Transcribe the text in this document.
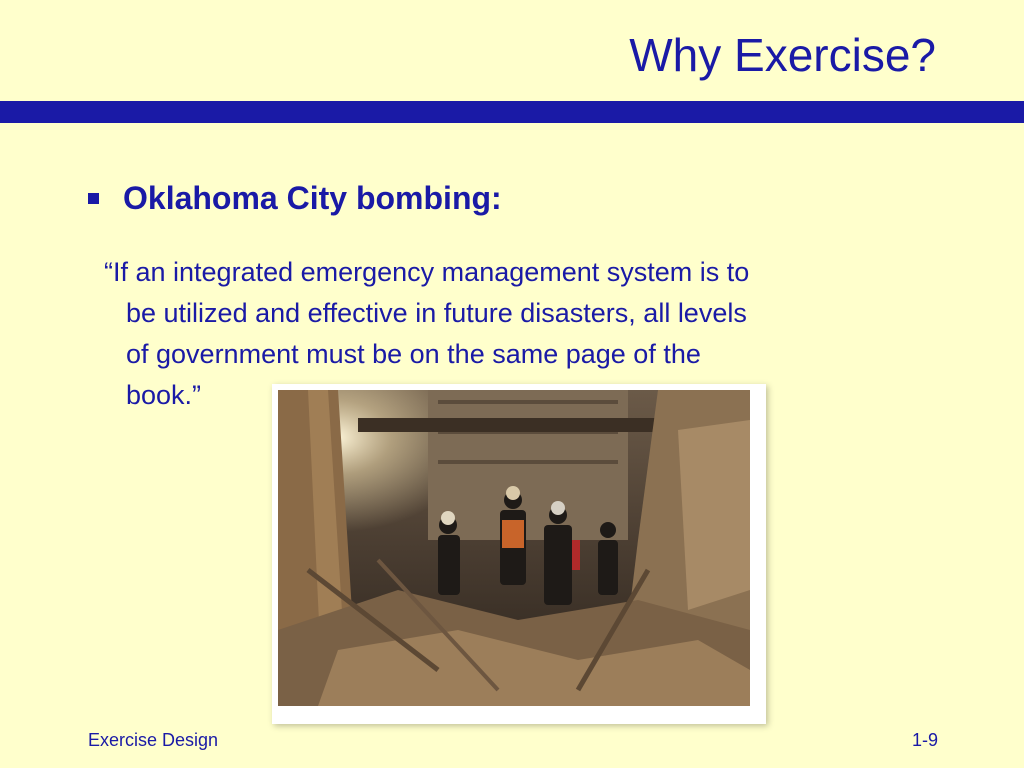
Why Exercise?
Oklahoma City bombing:
“If an integrated emergency management system is to
be utilized and effective in future disasters, all levels
of government must be on the same page of the
book.”
Exercise Design	1-9
